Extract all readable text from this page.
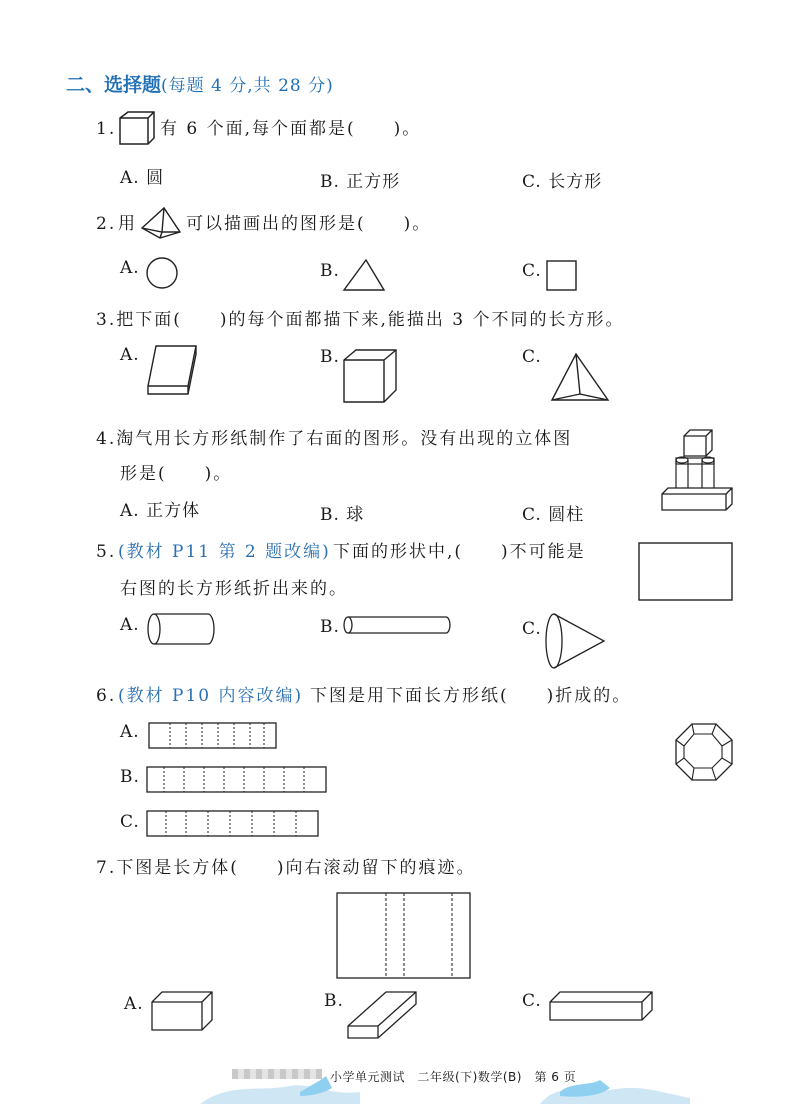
二、选择题(每题 4 分,共 28 分)
1.	有 6 个面,每个面都是(　　)。
A. 圆	B. 正方形	C. 长方形
2. 用	可以描画出的图形是(　　)。
A.	B.	C.
3.把下面(　　)的每个面都描下来,能描出 3 个不同的长方形。
A.	B.	C.
4.淘气用长方形纸制作了右面的图形。没有出现的立体图
形是(　　)。
A. 正方体	B. 球	C. 圆柱
5. (教材 P11 第 2 题改编) 下面的形状中,(　　)不可能是
右图的长方形纸折出来的。
A.	B.	C.
6. (教材 P10 内容改编) 下图是用下面长方形纸(　　)折成的。
A.
B.
C.
7.下图是长方体(　　)向右滚动留下的痕迹。
A.	B.	C.
小学单元测试　二年级(下)数学(B)　第 6 页
